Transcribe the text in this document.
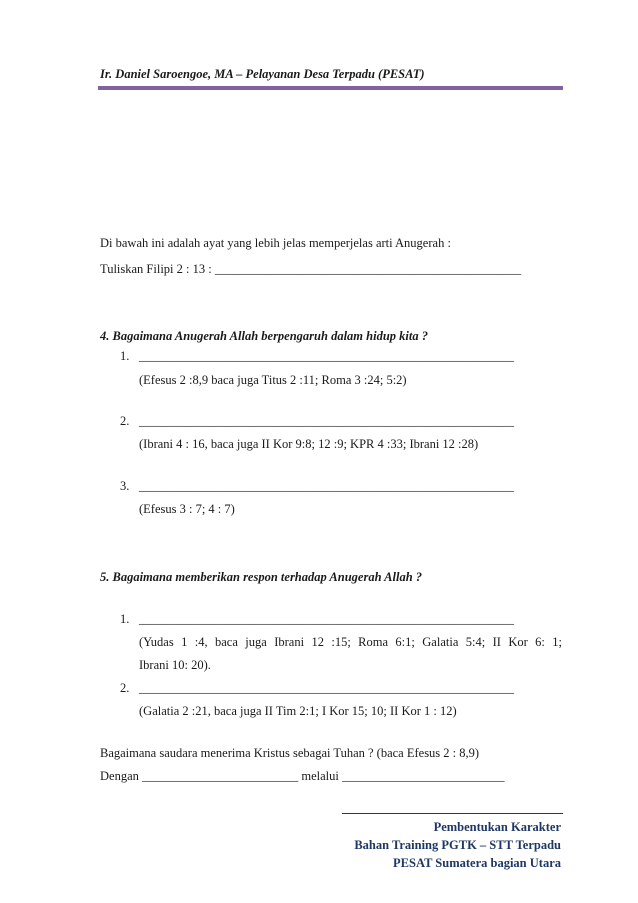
Ir. Daniel Saroengoe, MA – Pelayanan Desa Terpadu (PESAT)
Di bawah ini adalah ayat yang lebih jelas memperjelas arti Anugerah :
Tuliskan Filipi 2 : 13 : _________________________________________________
4. Bagaimana Anugerah Allah berpengaruh dalam hidup kita ?
1. ____________________________________________________________
(Efesus 2 :8,9 baca juga Titus 2 :11; Roma 3 :24; 5:2)
2. ____________________________________________________________
(Ibrani 4 : 16, baca juga II Kor 9:8; 12 :9; KPR 4 :33; Ibrani 12 :28)
3. ____________________________________________________________
(Efesus 3 : 7; 4 : 7)
5. Bagaimana memberikan respon terhadap Anugerah Allah ?
1. ____________________________________________________________
(Yudas 1 :4, baca juga Ibrani 12 :15; Roma 6:1; Galatia 5:4; II Kor 6: 1;
Ibrani 10: 20).
2. ____________________________________________________________
(Galatia 2 :21, baca juga II Tim 2:1; I Kor 15; 10; II Kor 1 : 12)
Bagaimana saudara menerima Kristus sebagai Tuhan ? (baca Efesus 2 : 8,9)
Dengan _________________________ melalui __________________________
Pembentukan Karakter
Bahan Training PGTK – STT Terpadu
PESAT Sumatera bagian Utara
